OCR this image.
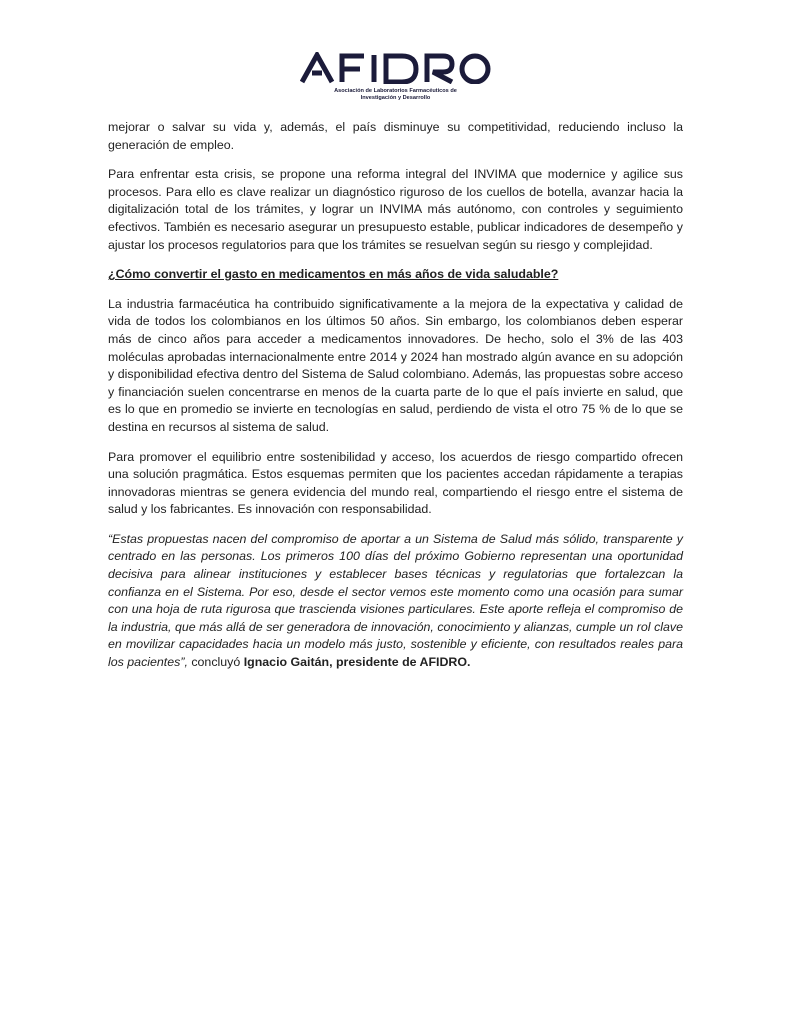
Asociación de Laboratorios Farmacéuticos de
Investigación y Desarrollo

mejorar o salvar su vida y, además, el país disminuye su competitividad, reduciendo incluso la generación de empleo.

Para enfrentar esta crisis, se propone una reforma integral del INVIMA que modernice y agilice sus procesos. Para ello es clave realizar un diagnóstico riguroso de los cuellos de botella, avanzar hacia la digitalización total de los trámites, y lograr un INVIMA más autónomo, con controles y seguimiento efectivos. También es necesario asegurar un presupuesto estable, publicar indicadores de desempeño y ajustar los procesos regulatorios para que los trámites se resuelvan según su riesgo y complejidad.

¿Cómo convertir el gasto en medicamentos en más años de vida saludable?

La industria farmacéutica ha contribuido significativamente a la mejora de la expectativa y calidad de vida de todos los colombianos en los últimos 50 años. Sin embargo, los colombianos deben esperar más de cinco años para acceder a medicamentos innovadores. De hecho, solo el 3% de las 403 moléculas aprobadas internacionalmente entre 2014 y 2024 han mostrado algún avance en su adopción y disponibilidad efectiva dentro del Sistema de Salud colombiano. Además, las propuestas sobre acceso y financiación suelen concentrarse en menos de la cuarta parte de lo que el país invierte en salud, que es lo que en promedio se invierte en tecnologías en salud, perdiendo de vista el otro 75 % de lo que se destina en recursos al sistema de salud.

Para promover el equilibrio entre sostenibilidad y acceso, los acuerdos de riesgo compartido ofrecen una solución pragmática. Estos esquemas permiten que los pacientes accedan rápidamente a terapias innovadoras mientras se genera evidencia del mundo real, compartiendo el riesgo entre el sistema de salud y los fabricantes. Es innovación con responsabilidad.

“Estas propuestas nacen del compromiso de aportar a un Sistema de Salud más sólido, transparente y centrado en las personas. Los primeros 100 días del próximo Gobierno representan una oportunidad decisiva para alinear instituciones y establecer bases técnicas y regulatorias que fortalezcan la confianza en el Sistema. Por eso, desde el sector vemos este momento como una ocasión para sumar con una hoja de ruta rigurosa que trascienda visiones particulares. Este aporte refleja el compromiso de la industria, que más allá de ser generadora de innovación, conocimiento y alianzas, cumple un rol clave en movilizar capacidades hacia un modelo más justo, sostenible y eficiente, con resultados reales para los pacientes”, concluyó Ignacio Gaitán, presidente de AFIDRO.
